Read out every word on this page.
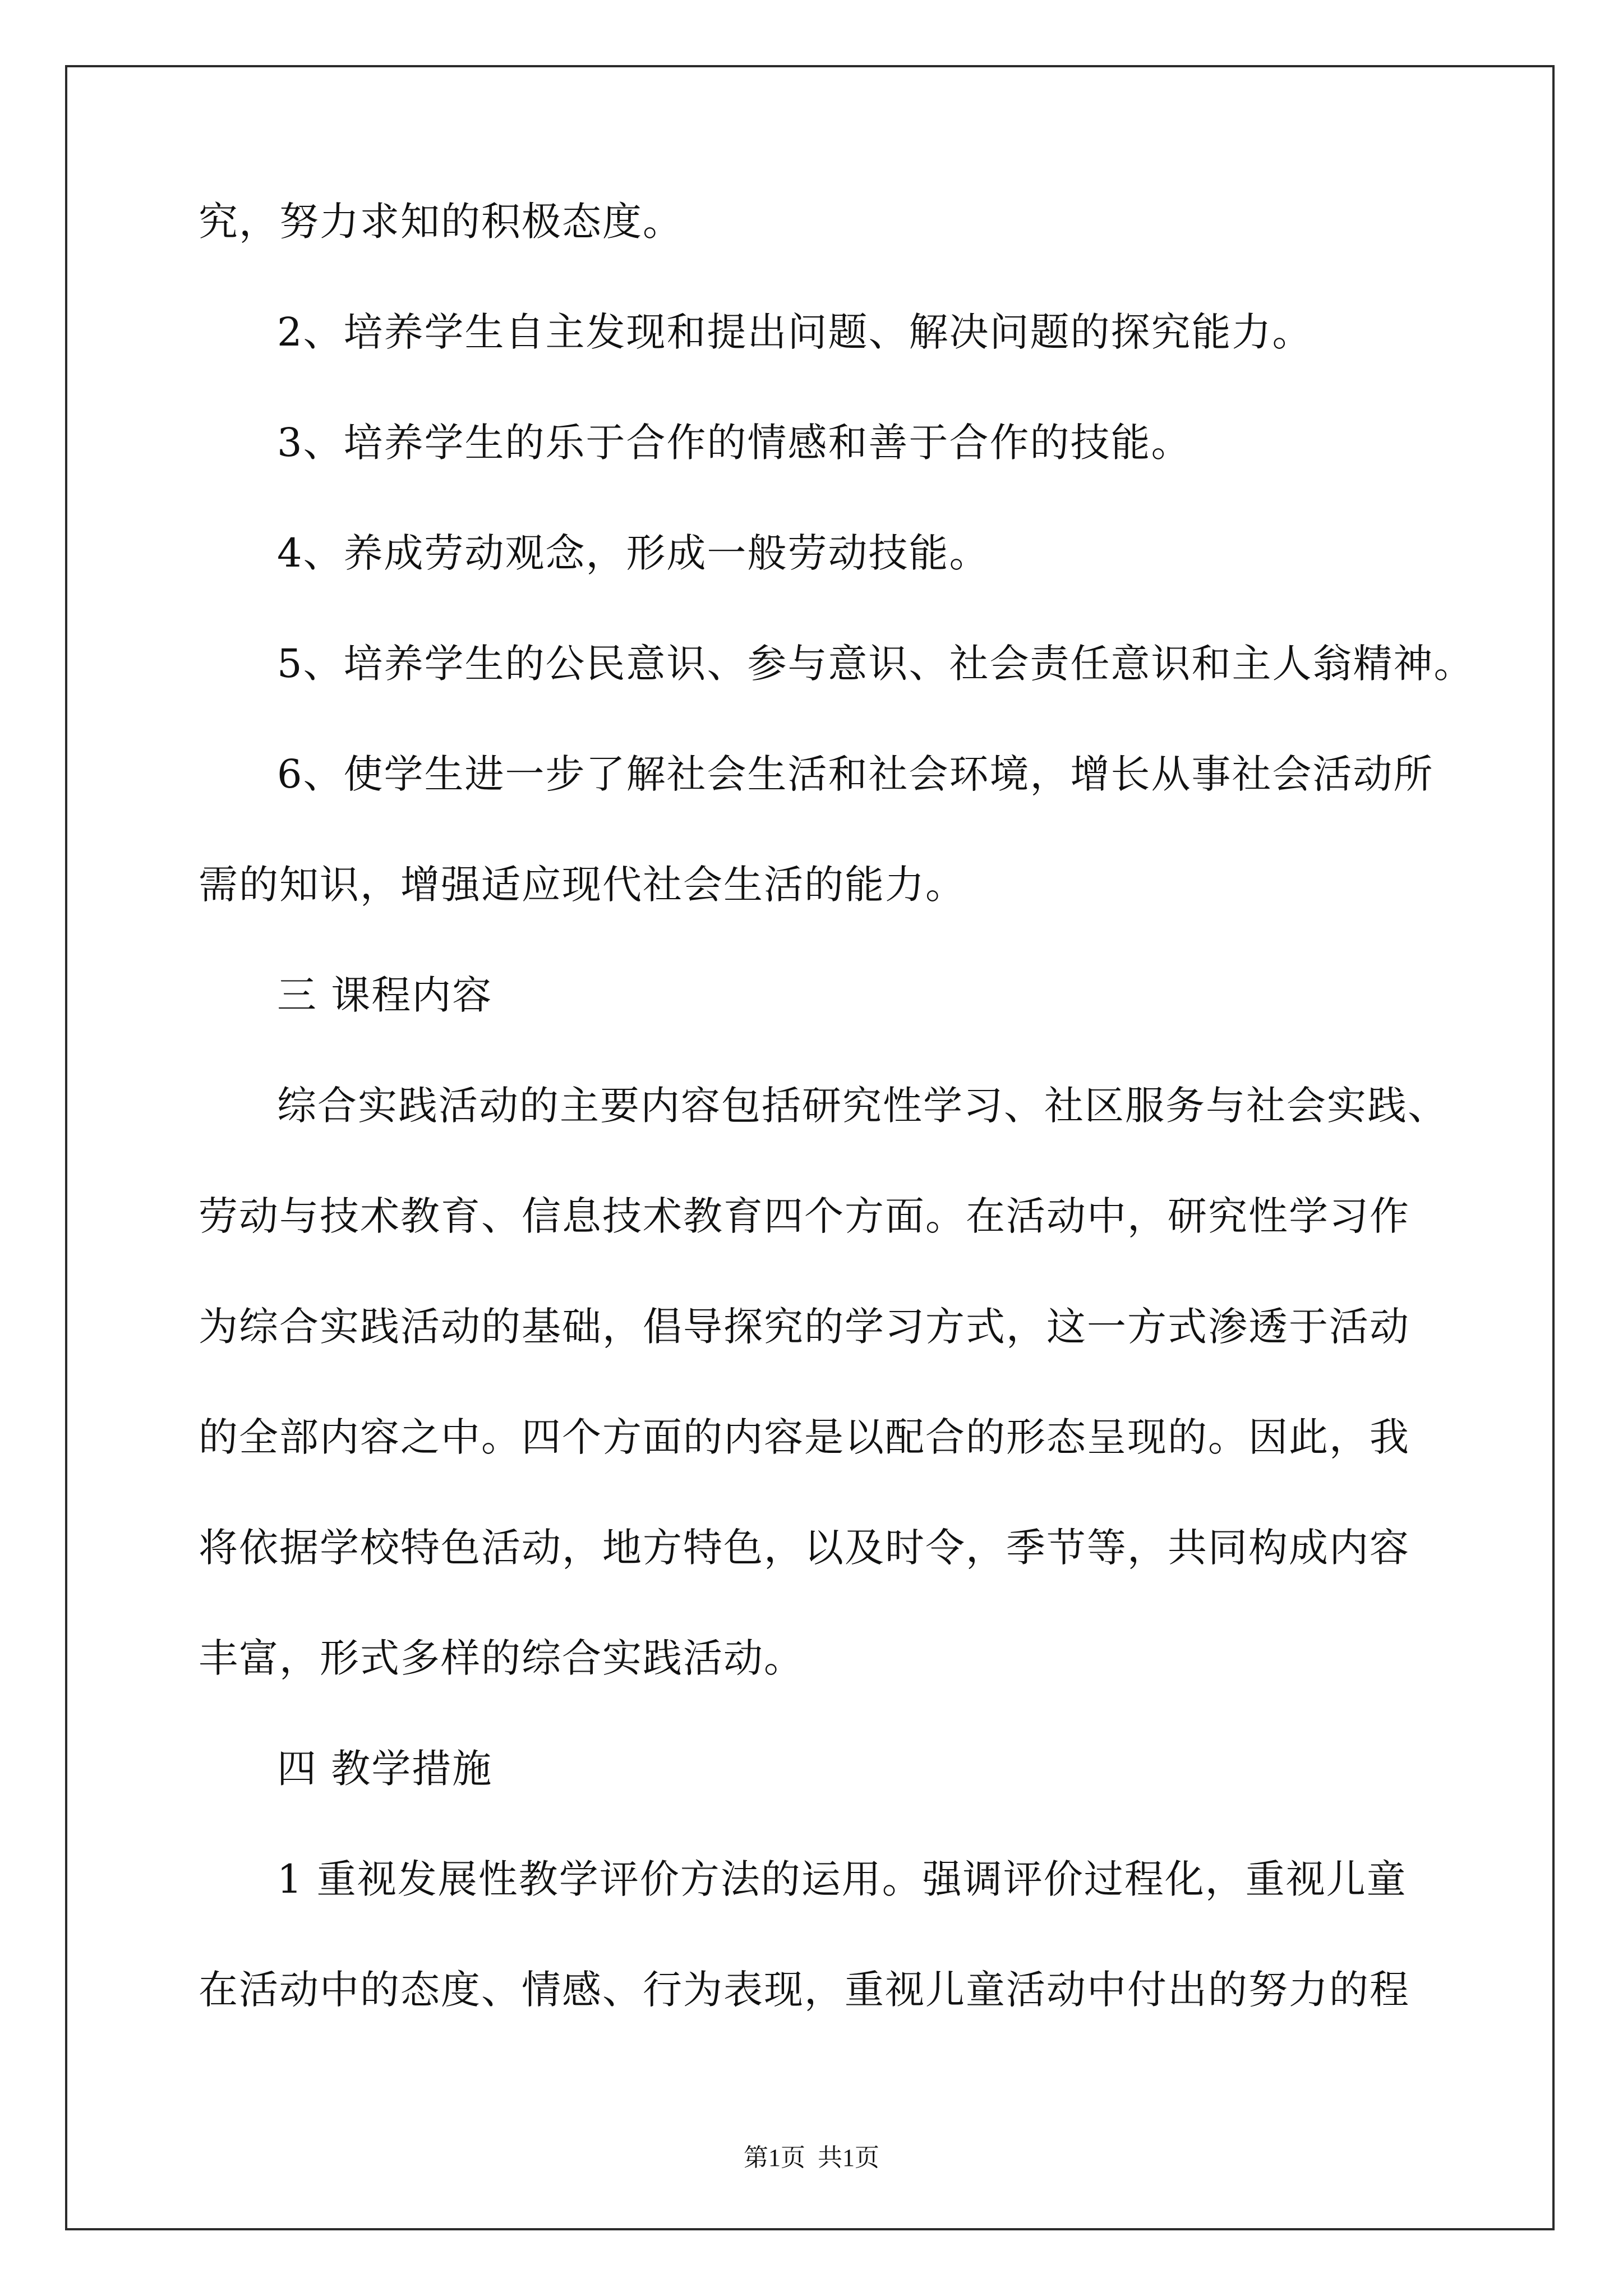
究，努力求知的积极态度。
2、培养学生自主发现和提出问题、解决问题的探究能力。
3、培养学生的乐于合作的情感和善于合作的技能。
4、养成劳动观念，形成一般劳动技能。
5、培养学生的公民意识、参与意识、社会责任意识和主人翁精神。
6、使学生进一步了解社会生活和社会环境，增长从事社会活动所
需的知识，增强适应现代社会生活的能力。
三 课程内容
综合实践活动的主要内容包括研究性学习、社区服务与社会实践、
劳动与技术教育、信息技术教育四个方面。在活动中，研究性学习作
为综合实践活动的基础，倡导探究的学习方式，这一方式渗透于活动
的全部内容之中。四个方面的内容是以配合的形态呈现的。因此，我
将依据学校特色活动，地方特色，以及时令，季节等，共同构成内容
丰富，形式多样的综合实践活动。
四 教学措施
1 重视发展性教学评价方法的运用。强调评价过程化，重视儿童
在活动中的态度、情感、行为表现，重视儿童活动中付出的努力的程
第1页  共1页
